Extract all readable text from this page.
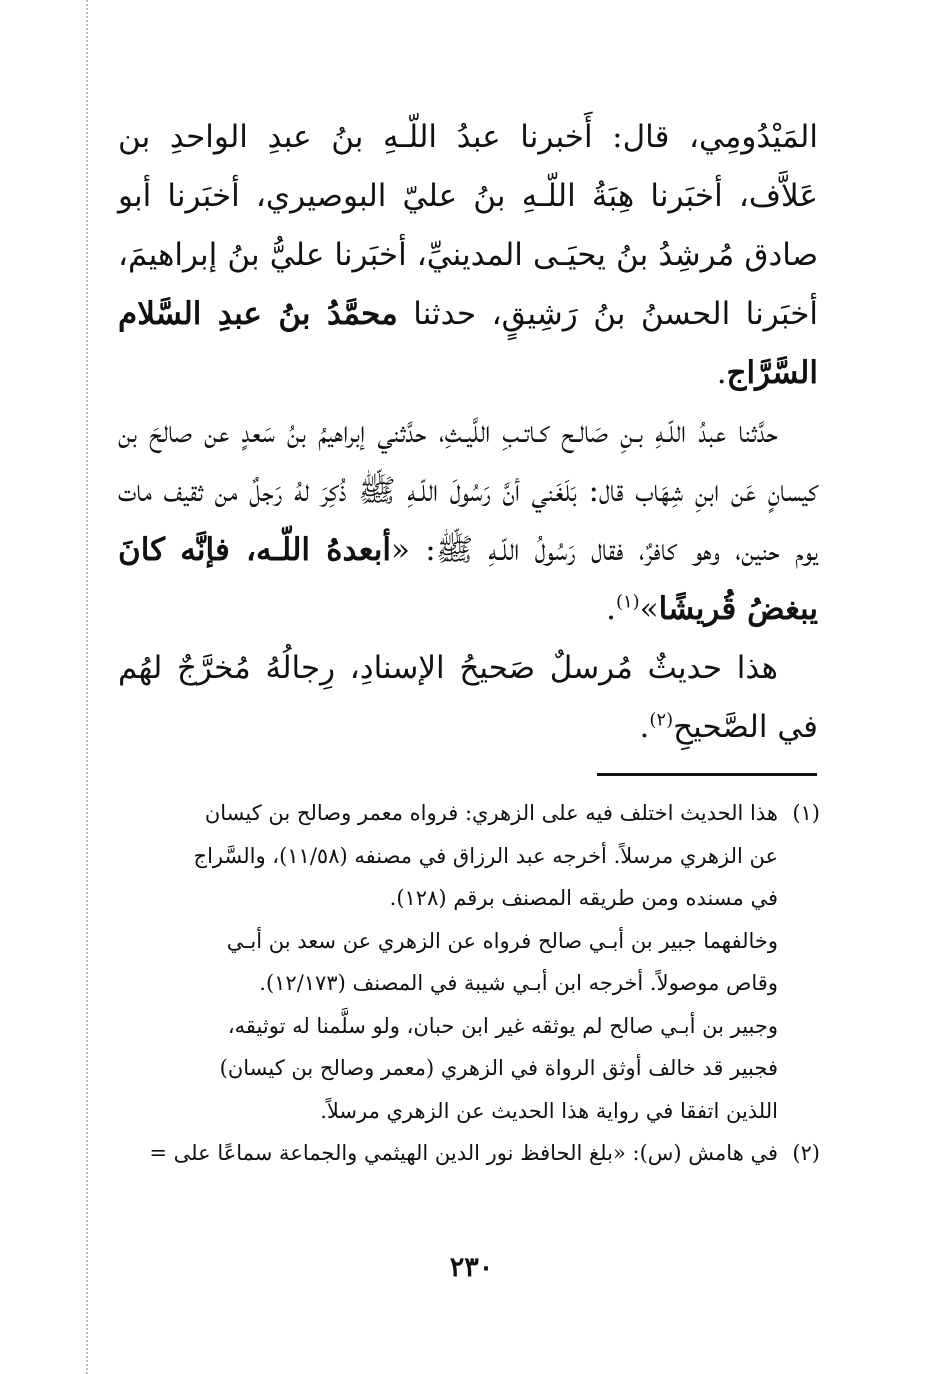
المَيْدُومِي، قال: أَخبرنا عبدُ اللّـهِ بنُ عبدِ الواحدِ بن عَلاَّف، أخبَرنا هِبَةُ اللّـهِ بنُ عليّ البوصيري، أخبَرنا أبو صادق مُرشِدُ بنُ يحيَـى المدينيِّ، أخبَرنا عليُّ بنُ إبراهيمَ، أخبَرنا الحسنُ بنُ رَشِيقٍ، حدثنا محمَّدُ بنُ عبدِ السَّلام السَّرَّاج.

حدَّثنا عبدُ اللّـهِ بـنِ صَالـح كـاتـبِ اللَّيـثِ، حدَّثني إبراهيمُ بنُ سَعدٍ عن صالحَ بن كيسانٍ عَن ابنِ شِهَاب قال: بَلَغَني أنَّ رَسُولَ اللّـهِ ﷺ ذُكِرَ لهُ رَجلٌ من ثقيف مات يوم حنين، وهو كافرٌ، فقال رَسُولُ اللّـهِ ﷺ: «أبعدهُ اللّـه، فإنَّه كانَ يبغضُ قُريشًا»$^{(١)}$.

هذا حديثٌ مُرسلٌ صَحيحُ الإسنادِ، رِجالُهُ مُخرَّجٌ لهُم في الصَّحيحِ$^{(٢)}$.

(١)
هذا الحديث اختلف فيه على الزهري: فرواه معمر وصالح بن كيسان
عن الزهري مرسلاً. أخرجه عبد الرزاق في مصنفه (١١/٥٨)، والسَّراج
في مسنده ومن طريقه المصنف برقم (١٢٨).
وخالفهما جبير بن أبـي صالح فرواه عن الزهري عن سعد بن أبـي
وقاص موصولاً. أخرجه ابن أبـي شيبة في المصنف (١٢/١٧٣).
وجبير بن أبـي صالح لم يوثقه غير ابن حبان، ولو سلَّمنا له توثيقه،
فجبير قد خالف أوثق الرواة في الزهري (معمر وصالح بن كيسان)
اللذين اتفقا في رواية هذا الحديث عن الزهري مرسلاً.
(٢)
في هامش (س): «بلغ الحافظ نور الدين الهيثمي والجماعة سماعًا على =
٢٣٠
